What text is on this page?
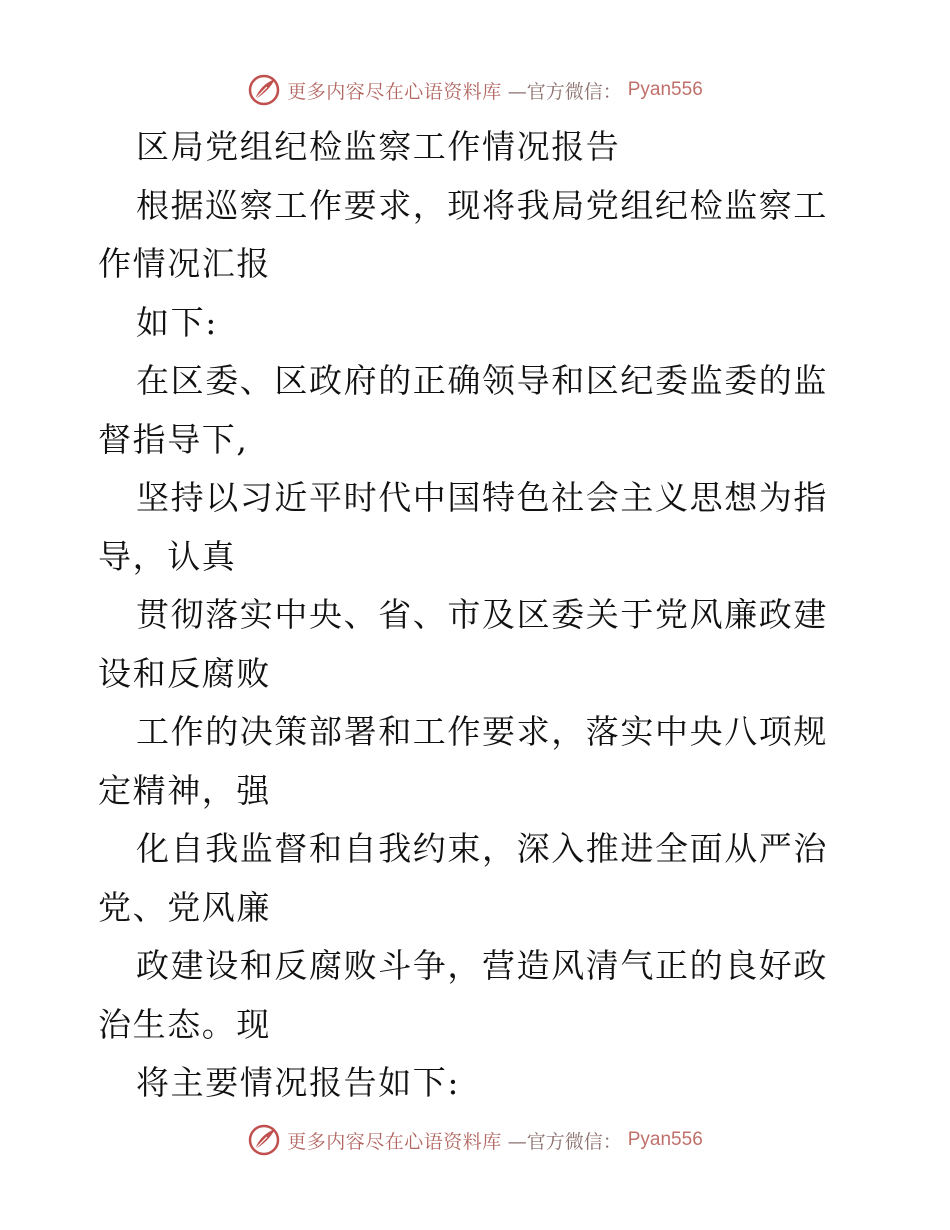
更多内容尽在心语资料库 —官方微信： Pyan556

区局党组纪检监察工作情况报告

根据巡察工作要求，现将我局党组纪检监察工作情况汇报

如下:

在区委、区政府的正确领导和区纪委监委的监督指导下,

坚持以习近平时代中国特色社会主义思想为指导，认真

贯彻落实中央、省、市及区委关于党风廉政建设和反腐败

工作的决策部署和工作要求，落实中央八项规定精神，强

化自我监督和自我约束，深入推进全面从严治党、党风廉

政建设和反腐败斗争，营造风清气正的良好政治生态。现

将主要情况报告如下:

更多内容尽在心语资料库 —官方微信： Pyan556
